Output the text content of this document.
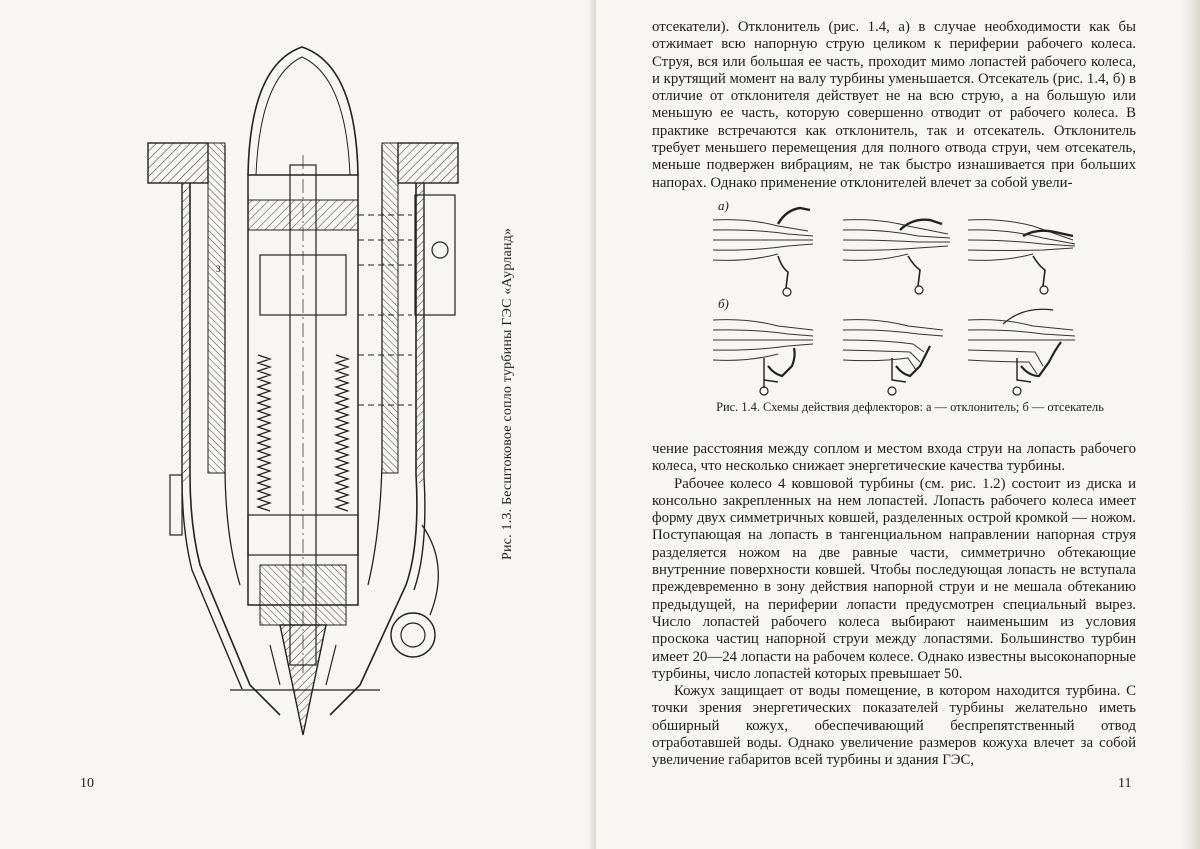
3	Рис. 1.3. Бесштоковое сопло турбины ГЭС «Аурланд»
10

отсекатели). Отклонитель (рис. 1.4, а) в случае необходимости как бы отжимает всю напорную струю целиком к периферии рабочего колеса. Струя, вся или большая ее часть, проходит мимо лопастей рабочего колеса, и крутящий момент на валу турбины уменьшается. Отсекатель (рис. 1.4, б) в отличие от отклонителя действует не на всю струю, а на большую или меньшую ее часть, которую совершенно отводит от рабочего колеса. В практике встречаются как отклонитель, так и отсекатель. Отклонитель требует меньшего перемещения для полного отвода струи, чем отсекатель, меньше подвержен вибрациям, не так быстро изнашивается при больших напорах. Однако применение отклонителей влечет за собой увели-

а)
б)
Рис. 1.4. Схемы действия дефлекторов: а — отклонитель; б — отсекатель

чение расстояния между соплом и местом входа струи на лопасть рабочего колеса, что несколько снижает энергетические качества турбины.

Рабочее колесо 4 ковшовой турбины (см. рис. 1.2) состоит из диска и консольно закрепленных на нем лопастей. Лопасть рабочего колеса имеет форму двух симметричных ковшей, разделенных острой кромкой — ножом. Поступающая на лопасть в тангенциальном направлении напорная струя разделяется ножом на две равные части, симметрично обтекающие внутренние поверхности ковшей. Чтобы последующая лопасть не вступала преждевременно в зону действия напорной струи и не мешала обтеканию предыдущей, на периферии лопасти предусмотрен специальный вырез. Число лопастей рабочего колеса выбирают наименьшим из условия проскока частиц напорной струи между лопастями. Большинство турбин имеет 20—24 лопасти на рабочем колесе. Однако известны высоконапорные турбины, число лопастей которых превышает 50.

Кожух защищает от воды помещение, в котором находится турбина. С точки зрения энергетических показателей турбины желательно иметь обширный кожух, обеспечивающий беспрепятственный отвод отработавшей воды. Однако увеличение размеров кожуха влечет за собой увеличение габаритов всей турбины и здания ГЭС,

11
